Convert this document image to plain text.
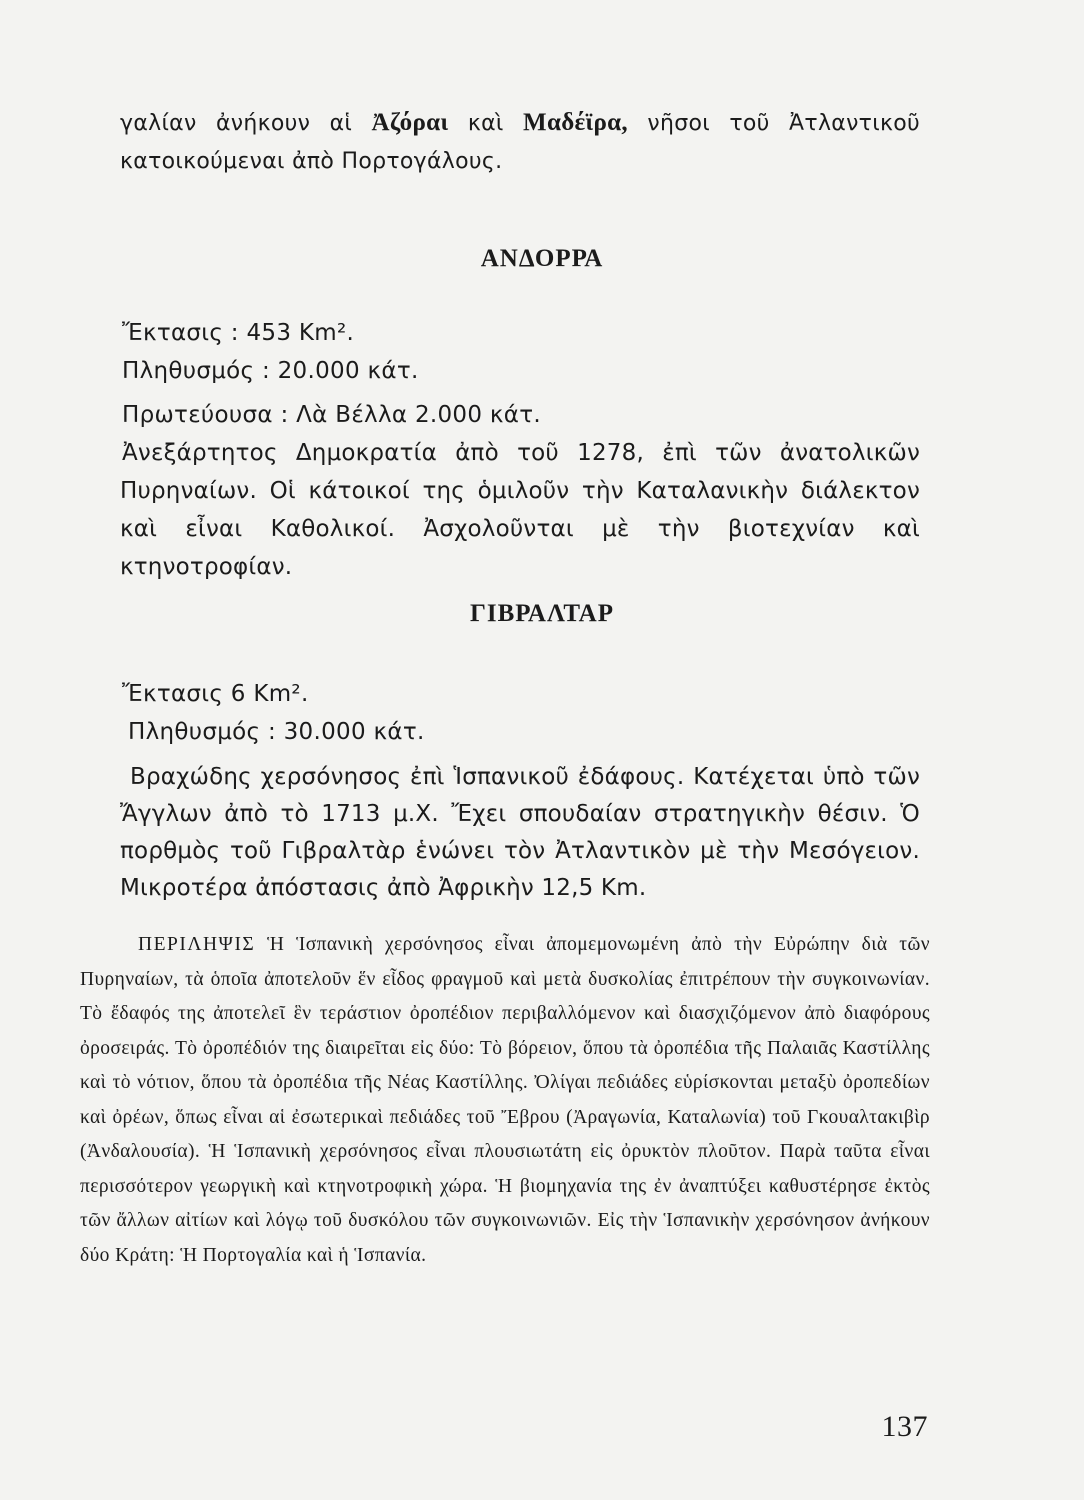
γαλίαν ἀνήκουν αἱ Ἀζόραι καὶ Μαδέϊρα, νῆσοι τοῦ Ἀτλαντικοῦ κατοικούμεναι ἀπὸ Πορτογάλους.
ΑΝΔΟΡΡΑ
Ἔκτασις : 453 Km².
Πληθυσμός : 20.000 κάτ.
Πρωτεύουσα : Λὰ Βέλλα 2.000 κάτ.
Ἀνεξάρτητος Δημοκρατία ἀπὸ τοῦ 1278, ἐπὶ τῶν ἀνατολικῶν Πυρηναίων. Οἱ κάτοικοί της ὁμιλοῦν τὴν Καταλανικὴν διάλεκτον καὶ εἶναι Καθολικοί. Ἀσχολοῦνται μὲ τὴν βιοτεχνίαν καὶ κτηνοτροφίαν.
ΓΙΒΡΑΛΤΑΡ
Ἔκτασις 6 Km².
Πληθυσμός : 30.000 κάτ.
Βραχώδης χερσόνησος ἐπὶ Ἱσπανικοῦ ἐδάφους. Κατέχεται ὑπὸ τῶν Ἄγγλων ἀπὸ τὸ 1713 μ.Χ. Ἔχει σπουδαίαν στρατηγικὴν θέσιν. Ὁ πορθμὸς τοῦ Γιβραλτὰρ ἑνώνει τὸν Ἀτλαντικὸν μὲ τὴν Μεσόγειον. Μικροτέρα ἀπόστασις ἀπὸ Ἀφρικὴν 12,5 Km.
ΠΕΡΙΛΗΨΙΣ Ἡ Ἱσπανικὴ χερσόνησος εἶναι ἀπομεμονωμένη ἀπὸ τὴν Εὐρώπην διὰ τῶν Πυρηναίων, τὰ ὁποῖα ἀποτελοῦν ἕν εἶδος φραγμοῦ καὶ μετὰ δυσκολίας ἐπιτρέπουν τὴν συγκοινωνίαν. Τὸ ἔδαφός της ἀποτελεῖ ἓν τεράστιον ὀροπέδιον περιβαλλόμενον καὶ διασχιζόμενον ἀπὸ διαφόρους ὀροσειράς. Τὸ ὀροπέδιόν της διαιρεῖται εἰς δύο: Τὸ βόρειον, ὅπου τὰ ὀροπέδια τῆς Παλαιᾶς Καστίλλης καὶ τὸ νότιον, ὅπου τὰ ὀροπέδια τῆς Νέας Καστίλλης. Ὀλίγαι πεδιάδες εὑρίσκονται μεταξὺ ὀροπεδίων καὶ ὀρέων, ὅπως εἶναι αἱ ἐσωτερικαὶ πεδιάδες τοῦ Ἔβρου (Ἀραγωνία, Καταλωνία) τοῦ Γκουαλτακιβὶρ (Ἀνδαλουσία). Ἡ Ἱσπανικὴ χερσόνησος εἶναι πλουσιωτάτη εἰς ὀρυκτὸν πλοῦτον. Παρὰ ταῦτα εἶναι περισσότερον γεωργικὴ καὶ κτηνοτροφικὴ χώρα. Ἡ βιομηχανία της ἐν ἀναπτύξει καθυστέρησε ἐκτὸς τῶν ἄλλων αἰτίων καὶ λόγῳ τοῦ δυσκόλου τῶν συγκοινωνιῶν. Εἰς τὴν Ἱσπανικὴν χερσόνησον ἀνήκουν δύο Κράτη: Ἡ Πορτογαλία καὶ ἡ Ἱσπανία.
137
